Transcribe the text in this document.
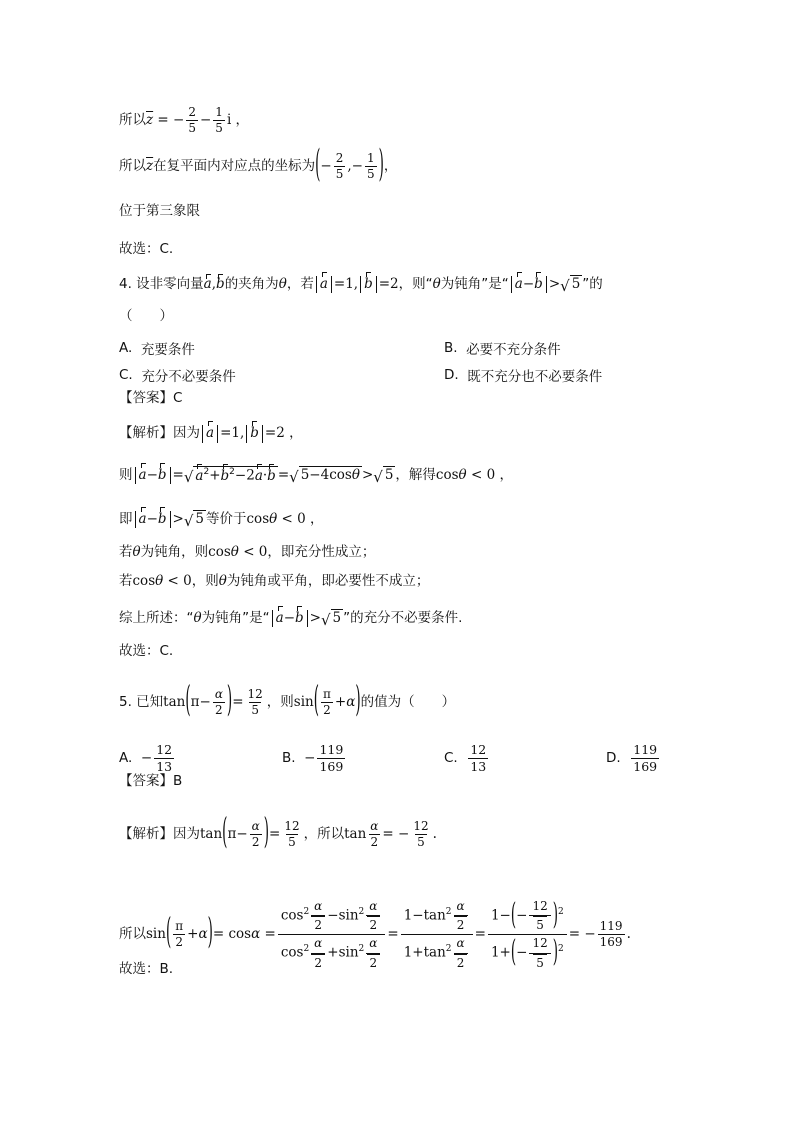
所以 $\overline{z}$ = − $\frac{2}{5} - \frac{1}{5}$ i ，
所以 $\overline{z}$ 在复平面内对应点的坐标为 ( − $\frac{2}{5}$ ,− $\frac{1}{5}$ ) ，
位于第三象限
故选：C.
4. 设非零向量 a , b 的夹角为 θ ，若 a =1, b =2 ，则“ θ 为钝角”是“ a−b > √ 5 ”的
（　　）
A.
充要条件	B.
必要不充分条件
C.
充分不必要条件	D.
既不充分也不必要条件
【答案】C
【解析】 因为 a =1, b =2 ，
则 a−b = √ $a^2+b^2-2a\cdot b$ = √ 5−4cosθ > √ 5 ，解得 cosθ < 0 ，
即 a−b > √ 5 等价于 cosθ < 0 ，
若 θ 为钝角，则 cosθ < 0 ，即充分性成立；
若 cosθ < 0 ，则 θ 为钝角或平角，即必要性不成立；
综上所述：“ θ 为钝角”是“ a−b > √ 5 ”的充分不必要条件.
故选：C.
5. 已知 tan ( $\pi- \frac{\alpha}{2}$ ) = $\frac{12}{5}$ ，则 sin ( $\frac{\pi}{2} + \alpha$ ) 的值为（　　）
A.
− $\frac{12}{13}$	B.
− $\frac{119}{169}$	C.
$\frac{12}{13}$	D.
$\frac{119}{169}$
【答案】B
【解析】 因为 tan ( $\pi- \frac{\alpha}{2}$ ) = $\frac{12}{5}$ ，所以 $\tan \frac{\alpha}{2}$ = − $\frac{12}{5}$ .
所以 sin ( $\frac{\pi}{2} + \alpha$ ) = $\cos \alpha = \frac{\cos^2 \frac{\alpha}{2} -\sin^2 \frac{\alpha}{2}}{\cos^2 \frac{\alpha}{2} +\sin^2 \frac{\alpha}{2}} = \frac{1-\tan^2 \frac{\alpha}{2}}{1+\tan^2 \frac{\alpha}{2}} = \frac{1-(- \frac{12}{5} )^2}{1+(- \frac{12}{5} )^2}$ = − $\frac{119}{169}$ .
故选：B.
